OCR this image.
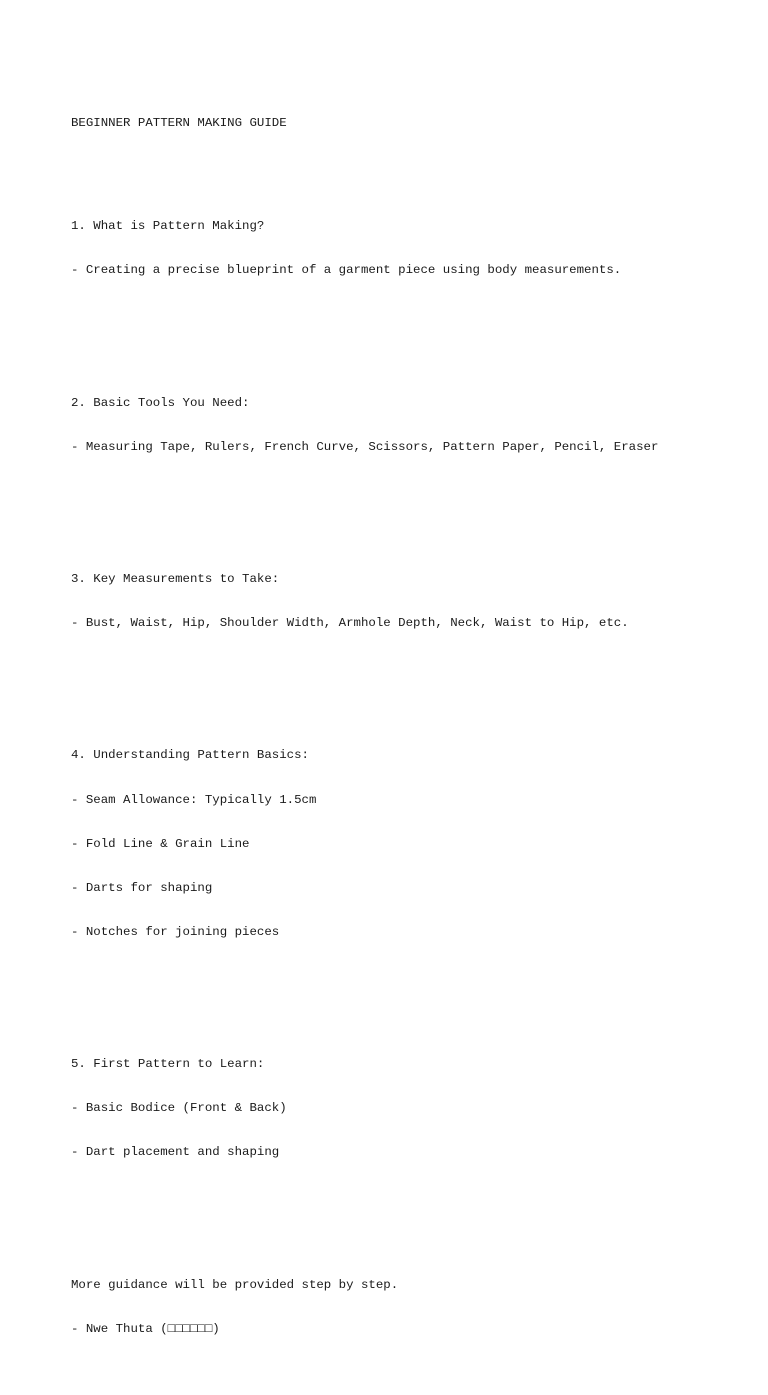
BEGINNER PATTERN MAKING GUIDE

1. What is Pattern Making?

- Creating a precise blueprint of a garment piece using body measurements.

2. Basic Tools You Need:

- Measuring Tape, Rulers, French Curve, Scissors, Pattern Paper, Pencil, Eraser

3. Key Measurements to Take:

- Bust, Waist, Hip, Shoulder Width, Armhole Depth, Neck, Waist to Hip, etc.

4. Understanding Pattern Basics:

- Seam Allowance: Typically 1.5cm

- Fold Line & Grain Line

- Darts for shaping

- Notches for joining pieces

5. First Pattern to Learn:

- Basic Bodice (Front & Back)

- Dart placement and shaping

More guidance will be provided step by step.

- Nwe Thuta (□□□□□□)
